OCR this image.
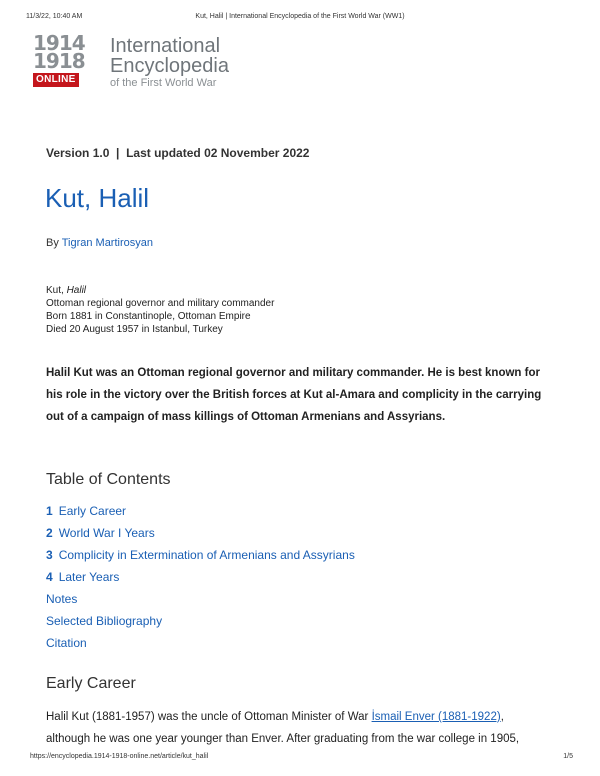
11/3/22, 10:40 AM	Kut, Halil | International Encyclopedia of the First World War (WW1)
1914
1918
ONLINE
International
Encyclopedia
of the First World War
Version 1.0  |  Last updated 02 November 2022
Kut, Halil
By Tigran Martirosyan
Kut, Halil
Ottoman regional governor and military commander
Born 1881 in Constantinople, Ottoman Empire
Died 20 August 1957 in Istanbul, Turkey
Halil Kut was an Ottoman regional governor and military commander. He is best known for his role in the victory over the British forces at Kut al-Amara and complicity in the carrying out of a campaign of mass killings of Ottoman Armenians and Assyrians.
Table of Contents
1 Early Career
2 World War I Years
3 Complicity in Extermination of Armenians and Assyrians
4 Later Years
Notes
Selected Bibliography
Citation
Early Career
Halil Kut (1881-1957) was the uncle of Ottoman Minister of War İsmail Enver (1881-1922),
although he was one year younger than Enver. After graduating from the war college in 1905,
https://encyclopedia.1914-1918-online.net/article/kut_halil	1/5
